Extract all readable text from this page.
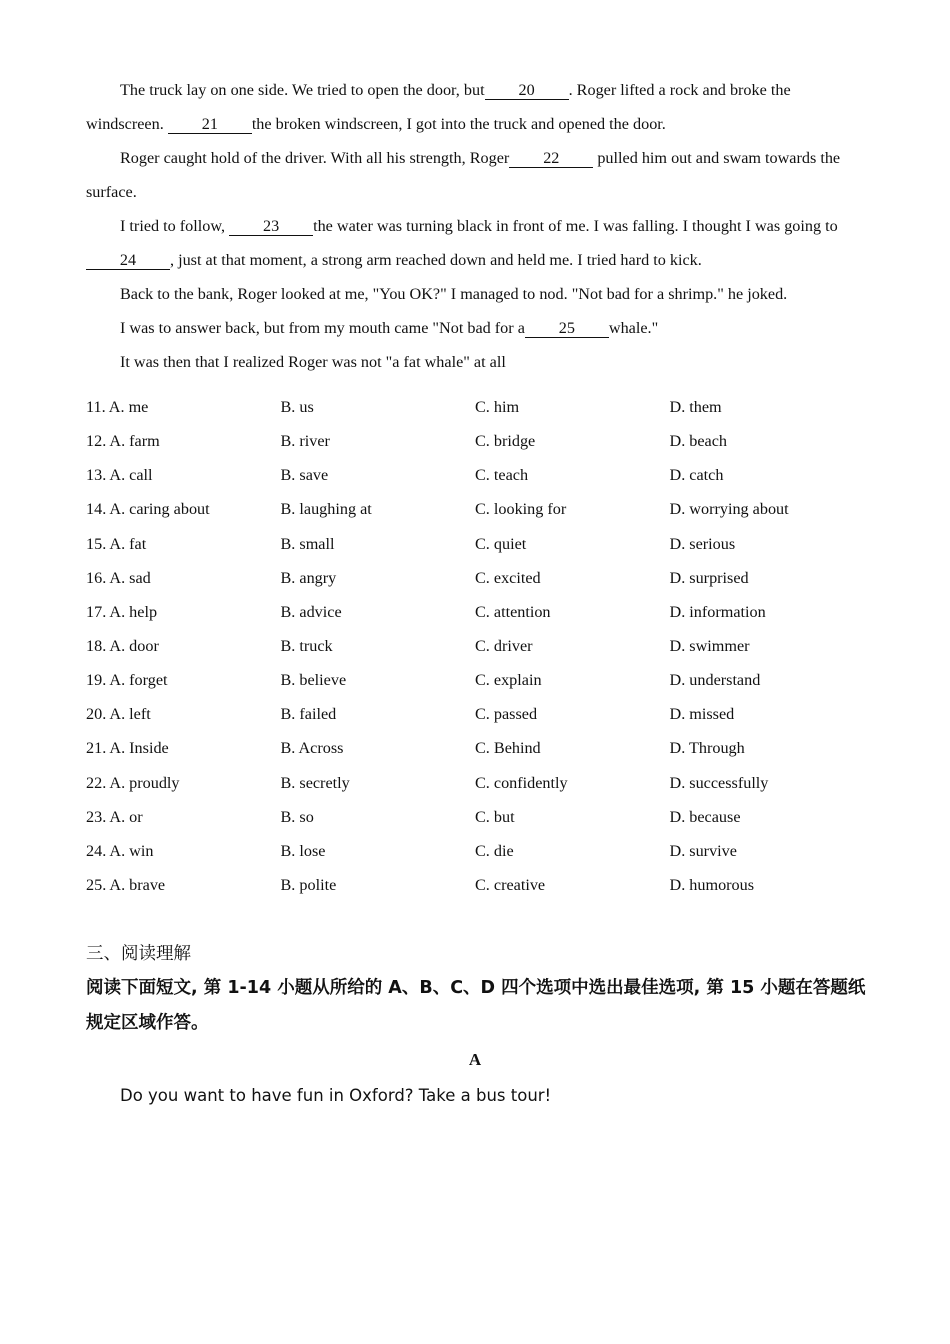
The truck lay on one side. We tried to open the door, but 20 . Roger lifted a rock and broke the windscreen. 21 the broken windscreen, I got into the truck and opened the door.

Roger caught hold of the driver. With all his strength, Roger 22 pulled him out and swam towards the surface.

I tried to follow, 23 the water was turning black in front of me. I was falling. I thought I was going to24 , just at that moment, a strong arm reached down and held me. I tried hard to kick.

Back to the bank, Roger looked at me, "You OK?" I managed to nod. "Not bad for a shrimp." he joked.

I was to answer back, but from my mouth came "Not bad for a 25 whale."

It was then that I realized Roger was not "a fat whale" at all

11. A. me	B. us	C. him	D. them
12. A. farm	B. river	C. bridge	D. beach
13. A. call	B. save	C. teach	D. catch
14. A. caring about	B. laughing at	C. looking for	D. worrying about
15. A. fat	B. small	C. quiet	D. serious
16. A. sad	B. angry	C. excited	D. surprised
17. A. help	B. advice	C. attention	D. information
18. A. door	B. truck	C. driver	D. swimmer
19. A. forget	B. believe	C. explain	D. understand
20. A. left	B. failed	C. passed	D. missed
21. A. Inside	B. Across	C. Behind	D. Through
22. A. proudly	B. secretly	C. confidently	D. successfully
23. A. or	B. so	C. but	D. because
24. A. win	B. lose	C. die	D. survive
25. A. brave	B. polite	C. creative	D. humorous
三、阅读理解
阅读下面短文, 第 1-14 小题从所给的 A、B、C、D 四个选项中选出最佳选项, 第 15 小题在答题纸规定区域作答。
A
Do you want to have fun in Oxford? Take a bus tour!
